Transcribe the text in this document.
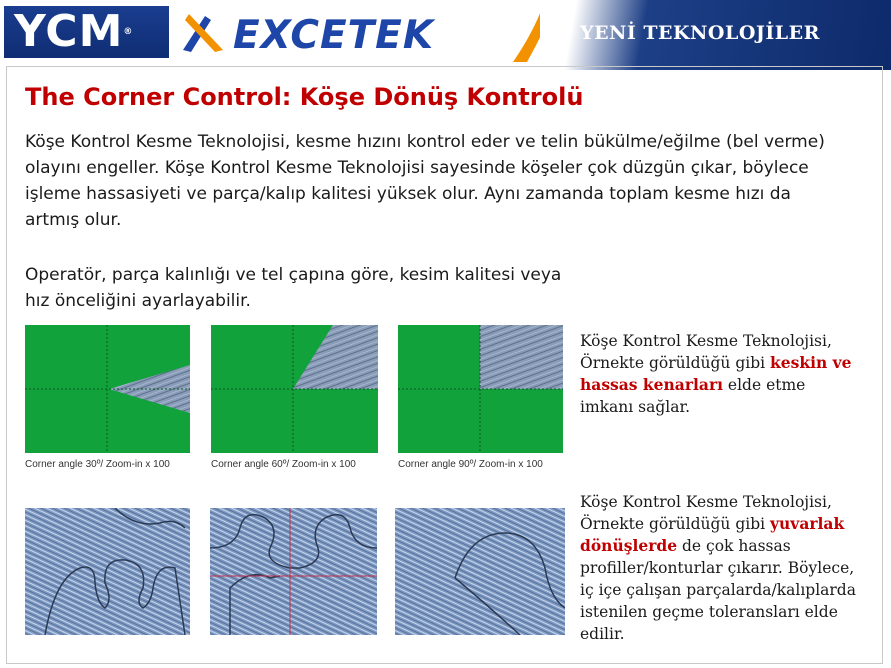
YCM®	EXCETEK	YENİ TEKNOLOJİLER
The Corner Control: Köşe Dönüş Kontrolü
Köşe Kontrol Kesme Teknolojisi, kesme hızını kontrol eder ve telin bükülme/eğilme (bel verme) olayını engeller. Köşe Kontrol Kesme Teknolojisi sayesinde köşeler çok düzgün çıkar, böylece işleme hassasiyeti ve parça/kalıp kalitesi yüksek olur. Aynı zamanda toplam kesme hızı da artmış olur.
Operatör, parça kalınlığı ve tel çapına göre, kesim kalitesi veya hız önceliğini ayarlayabilir.
Corner angle 30º/ Zoom-in x 100	Corner angle 60º/ Zoom-in x 100	Corner angle 90º/ Zoom-in x 100
Köşe Kontrol Kesme Teknolojisi, Örnekte görüldüğü gibi keskin ve hassas kenarları elde etme imkanı sağlar.
Köşe Kontrol Kesme Teknolojisi, Örnekte görüldüğü gibi yuvarlak dönüşlerde de çok hassas profiller/konturlar çıkarır. Böylece, iç içe çalışan parçalarda/kalıplarda istenilen geçme toleransları elde edilir.
